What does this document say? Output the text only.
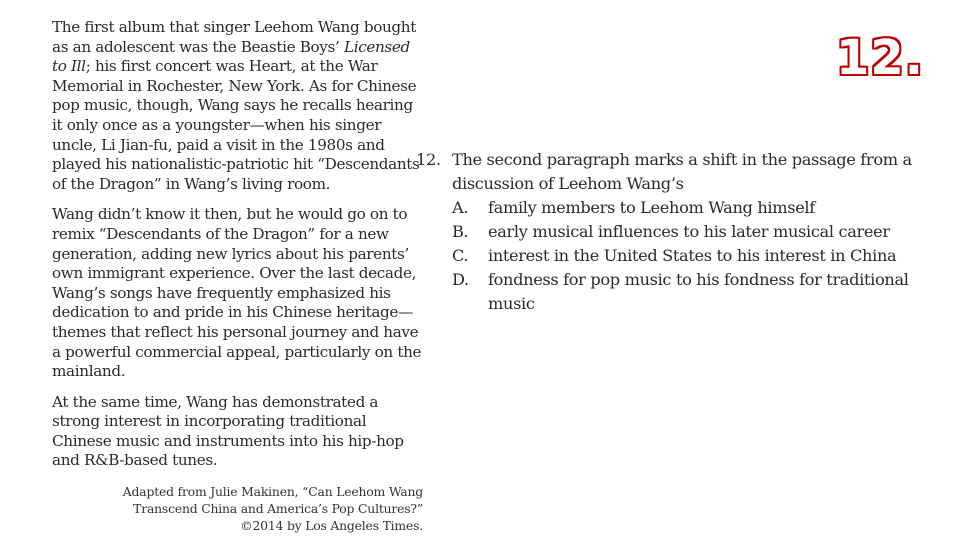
The first album that singer Leehom Wang bought as an adolescent was the Beastie Boys’ Licensed to Ill; his first concert was Heart, at the War Memorial in Rochester, New York. As for Chinese pop music, though, Wang says he recalls hearing it only once as a youngster—when his singer uncle, Li Jian-fu, paid a visit in the 1980s and played his nationalistic-patriotic hit “Descendants of the Dragon” in Wang’s living room.

Wang didn’t know it then, but he would go on to remix “Descendants of the Dragon” for a new generation, adding new lyrics about his parents’ own immigrant experience. Over the last decade, Wang’s songs have frequently emphasized his dedication to and pride in his Chinese heritage—themes that reflect his personal journey and have a powerful commercial appeal, particularly on the mainland.

At the same time, Wang has demonstrated a strong interest in incorporating traditional Chinese music and instruments into his hip-hop and R&B-based tunes.

Adapted from Julie Makinen, “Can Leehom Wang
Transcend China and America’s Pop Cultures?”
©2014 by Los Angeles Times.
12.
12. The second paragraph marks a shift in the passage from a discussion of Leehom Wang’s
A.	family members to Leehom Wang himself
B.	early musical influences to his later musical career
C.	interest in the United States to his interest in China
D.	fondness for pop music to his fondness for traditional music
